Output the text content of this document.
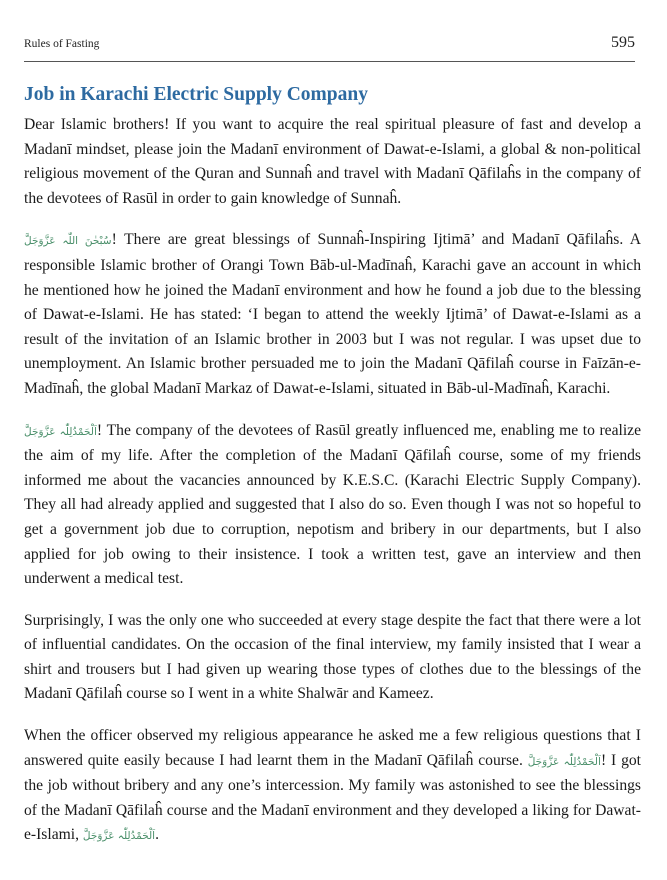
Rules of Fasting	595
Job in Karachi Electric Supply Company

Dear Islamic brothers! If you want to acquire the real spiritual pleasure of fast and develop a Madanī mindset, please join the Madanī environment of Dawat-e-Islami, a global & non-political religious movement of the Quran and Sunnaĥ and travel with Madanī Qāfilaĥs in the company of the devotees of Rasūl in order to gain knowledge of Sunnaĥ.

سُبْحٰنَ اللّٰہ عَزَّوَجَلَّ! There are great blessings of Sunnaĥ-Inspiring Ijtimā’ and Madanī Qāfilaĥs. A responsible Islamic brother of Orangi Town Bāb-ul-Madīnaĥ, Karachi gave an account in which he mentioned how he joined the Madanī environment and how he found a job due to the blessing of Dawat-e-Islami. He has stated: ‘I began to attend the weekly Ijtimā’ of Dawat-e-Islami as a result of the invitation of an Islamic brother in 2003 but I was not regular. I was upset due to unemployment. An Islamic brother persuaded me to join the Madanī Qāfilaĥ course in Faīzān-e-Madīnaĥ, the global Madanī Markaz of Dawat-e-Islami, situated in Bāb-ul-Madīnaĥ, Karachi.

اَلْحَمْدُلِلّٰہ عَزَّوَجَلَّ! The company of the devotees of Rasūl greatly influenced me, enabling me to realize the aim of my life. After the completion of the Madanī Qāfilaĥ course, some of my friends informed me about the vacancies announced by K.E.S.C. (Karachi Electric Supply Company). They all had already applied and suggested that I also do so. Even though I was not so hopeful to get a government job due to corruption, nepotism and bribery in our departments, but I also applied for job owing to their insistence. I took a written test, gave an interview and then underwent a medical test.

Surprisingly, I was the only one who succeeded at every stage despite the fact that there were a lot of influential candidates. On the occasion of the final interview, my family insisted that I wear a shirt and trousers but I had given up wearing those types of clothes due to the blessings of the Madanī Qāfilaĥ course so I went in a white Shalwār and Kameez.

When the officer observed my religious appearance he asked me a few religious questions that I answered quite easily because I had learnt them in the Madanī Qāfilaĥ course. اَلْحَمْدُلِلّٰہ عَزَّوَجَلَّ! I got the job without bribery and any one’s intercession. My family was astonished to see the blessings of the Madanī Qāfilaĥ course and the Madanī environment and they developed a liking for Dawat-e-Islami, اَلْحَمْدُلِلّٰہ عَزَّوَجَلَّ.
